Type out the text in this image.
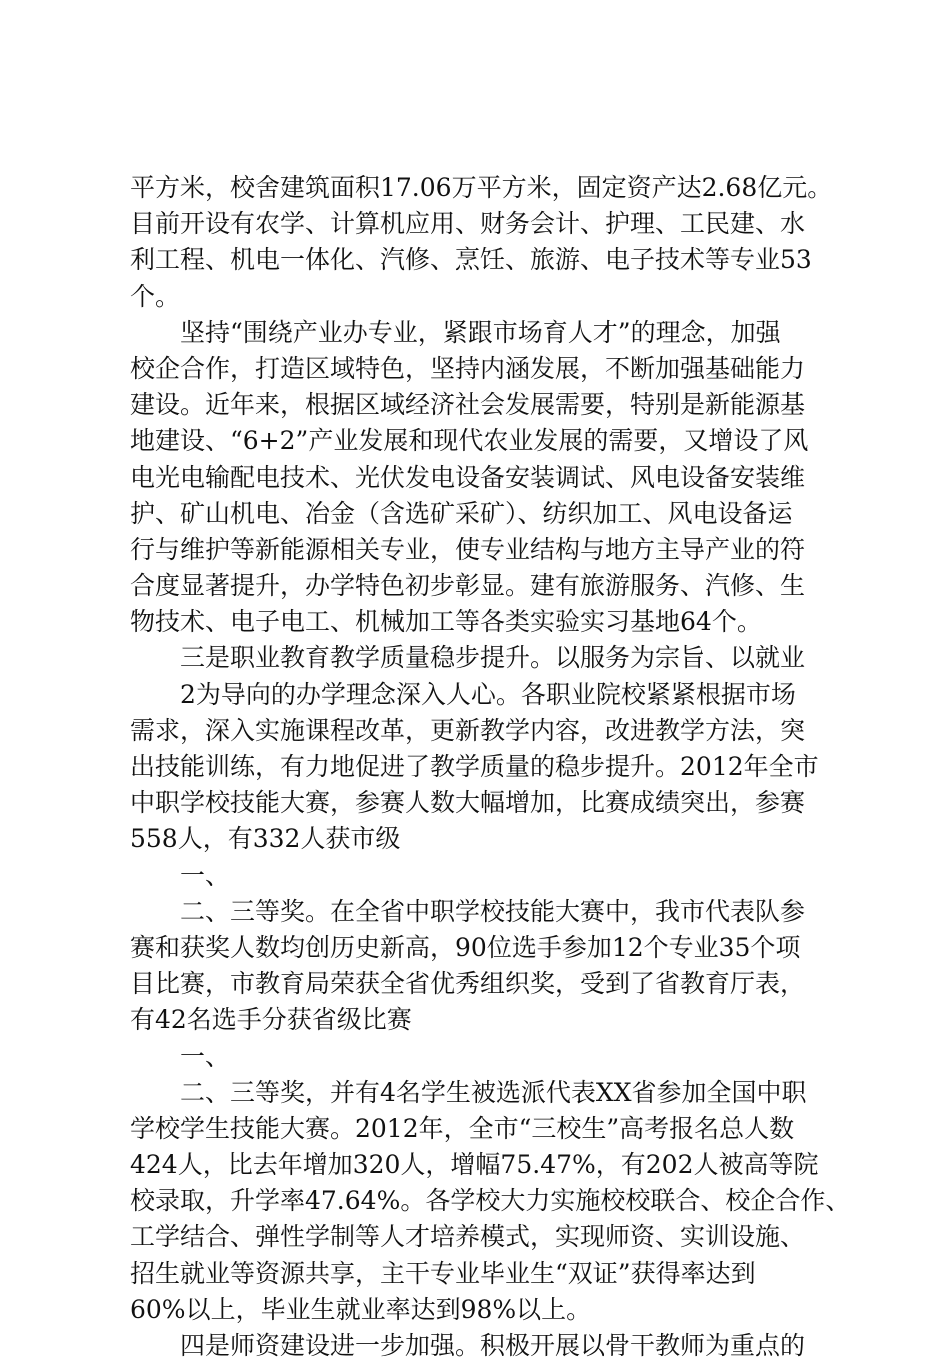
平方米，校舍建筑面积17.06万平方米，固定资产达2.68亿元。
目前开设有农学、计算机应用、财务会计、护理、工民建、水
利工程、机电一体化、汽修、烹饪、旅游、电子技术等专业53
个。
坚持“围绕产业办专业，紧跟市场育人才”的理念，加强
校企合作，打造区域特色，坚持内涵发展，不断加强基础能力
建设。近年来，根据区域经济社会发展需要，特别是新能源基
地建设、“6+2”产业发展和现代农业发展的需要，又增设了风
电光电输配电技术、光伏发电设备安装调试、风电设备安装维
护、矿山机电、冶金（含选矿采矿）、纺织加工、风电设备运
行与维护等新能源相关专业，使专业结构与地方主导产业的符
合度显著提升，办学特色初步彰显。建有旅游服务、汽修、生
物技术、电子电工、机械加工等各类实验实习基地64个。
三是职业教育教学质量稳步提升。以服务为宗旨、以就业
2为导向的办学理念深入人心。各职业院校紧紧根据市场
需求，深入实施课程改革，更新教学内容，改进教学方法，突
出技能训练，有力地促进了教学质量的稳步提升。2012年全市
中职学校技能大赛，参赛人数大幅增加，比赛成绩突出，参赛
558人，有332人获市级
一、
二、三等奖。在全省中职学校技能大赛中，我市代表队参
赛和获奖人数均创历史新高，90位选手参加12个专业35个项
目比赛，市教育局荣获全省优秀组织奖，受到了省教育厅表，
有42名选手分获省级比赛
一、
二、三等奖，并有4名学生被选派代表XX省参加全国中职
学校学生技能大赛。2012年，全市“三校生”高考报名总人数
424人，比去年增加320人，增幅75.47%，有202人被高等院
校录取，升学率47.64%。各学校大力实施校校联合、校企合作、
工学结合、弹性学制等人才培养模式，实现师资、实训设施、
招生就业等资源共享，主干专业毕业生“双证”获得率达到
60%以上，毕业生就业率达到98%以上。
四是师资建设进一步加强。积极开展以骨干教师为重点的
